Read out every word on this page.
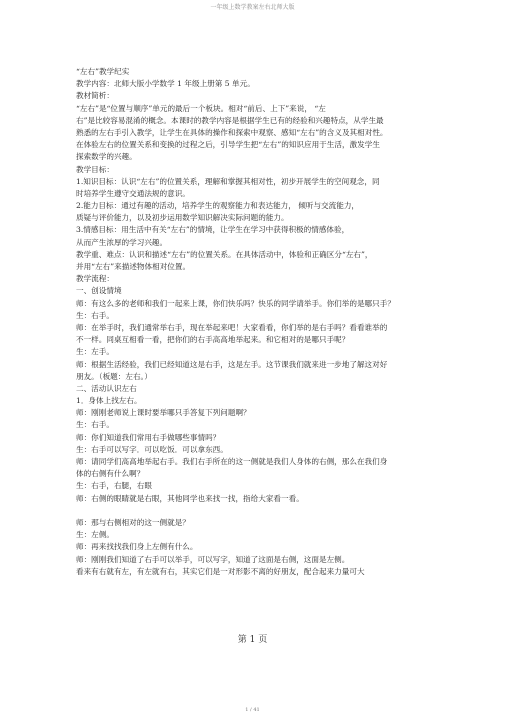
一年级上数学教案左右北师大版
“左右”教学纪实
教学内容：北师大版小学数学 1 年级上册第 5 单元。
教材简析：
“左右”是“位置与顺序”单元的最后一个板块。相对“前后、上下”来说， “左
右”是比较容易混淆的概念。本课时的教学内容是根据学生已有的经验和兴趣特点，从学生最
熟悉的左右手引入教学，让学生在具体的操作和探索中观察、感知“左右”的含义及其相对性。
在体验左右的位置关系和变换的过程之后，引导学生把“左右”的知识应用于生活，激发学生
探索数学的兴趣。
教学目标：
1.知识目标：认识“左右”的位置关系，理解和掌握其相对性，初步开展学生的空间观念，同
时培养学生遵守交通法规的意识。
2.能力目标：通过有趣的活动，培养学生的观察能力和表达能力， 倾听与交流能力，
质疑与评价能力，以及初步运用数学知识解决实际问题的能力。
3.情感目标：用生活中有关“左右”的情境，让学生在学习中获得积极的情感体验，
从而产生浓厚的学习兴趣。
教学重、难点：认识和描述“左右”的位置关系。在具体活动中，体验和正确区分“左右”，
并用“左右”来描述物体相对位置。
教学流程：
一、创设情境
师：有这么多的老师和我们一起来上课，你们快乐吗？快乐的同学请举手。你们举的是哪只手？
生：右手。
师：在举手时，我们通常举右手，现在举起来吧！大家看看，你们举的是右手吗？看看谁举的
不一样。同桌互相看一看，把你们的右手高高地举起来。和它相对的是哪只手呢？
生：左手。
师：根据生活经验，我们已经知道这是右手，这是左手。这节课我们就来进一步地了解这对好
朋友。（板题：左右。）
二、活动认识左右
1．身体上找左右。
师：刚刚老师说上课时要举哪只手答复下列问题啊？
生：右手。
师：你们知道我们常用右手做哪些事情吗？
生：右手可以写字．可以吃饭．可以拿东西。
师：请同学们高高地举起右手。我们右手所在的这一侧就是我们人身体的右侧，那么在我们身
体的右侧有什么啊？
生：右手，右腿，右眼
师：右侧的眼睛就是右眼，其他同学也来找一找，指给大家看一看。
师：那与右侧相对的这一侧就是？
生：左侧。
师：再来找找我们身上左侧有什么。
师：刚刚我们知道了右手可以举手，可以写字，知道了这面是右侧，这面是左侧。
看来有右就有左，有左就有右，其实它们是一对形影不离的好朋友，配合起来力量可大
第 1 页
1 / 41
